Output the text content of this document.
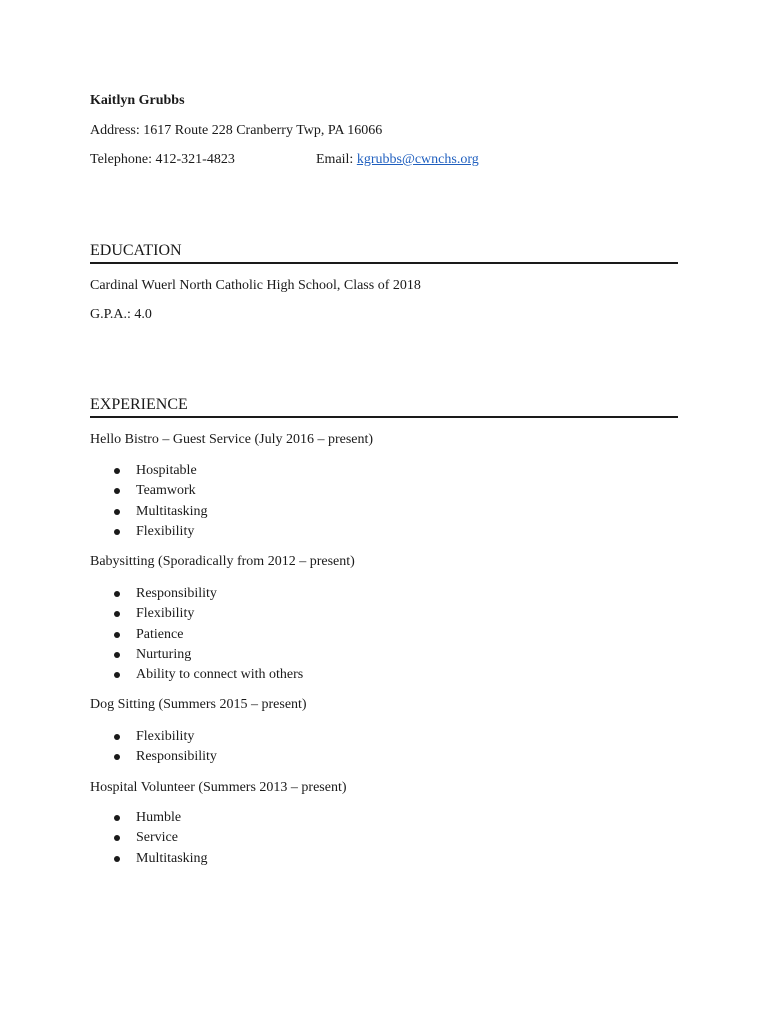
Kaitlyn Grubbs
Address: 1617 Route 228 Cranberry Twp, PA 16066
Telephone: 412-321-4823	Email: kgrubbs@cwnchs.org
EDUCATION
Cardinal Wuerl North Catholic High School, Class of 2018
G.P.A.: 4.0
EXPERIENCE
Hello Bistro – Guest Service (July 2016 – present)
Hospitable
Teamwork
Multitasking
Flexibility
Babysitting (Sporadically from 2012 – present)
Responsibility
Flexibility
Patience
Nurturing
Ability to connect with others
Dog Sitting (Summers 2015 – present)
Flexibility
Responsibility
Hospital Volunteer (Summers 2013 – present)
Humble
Service
Multitasking
